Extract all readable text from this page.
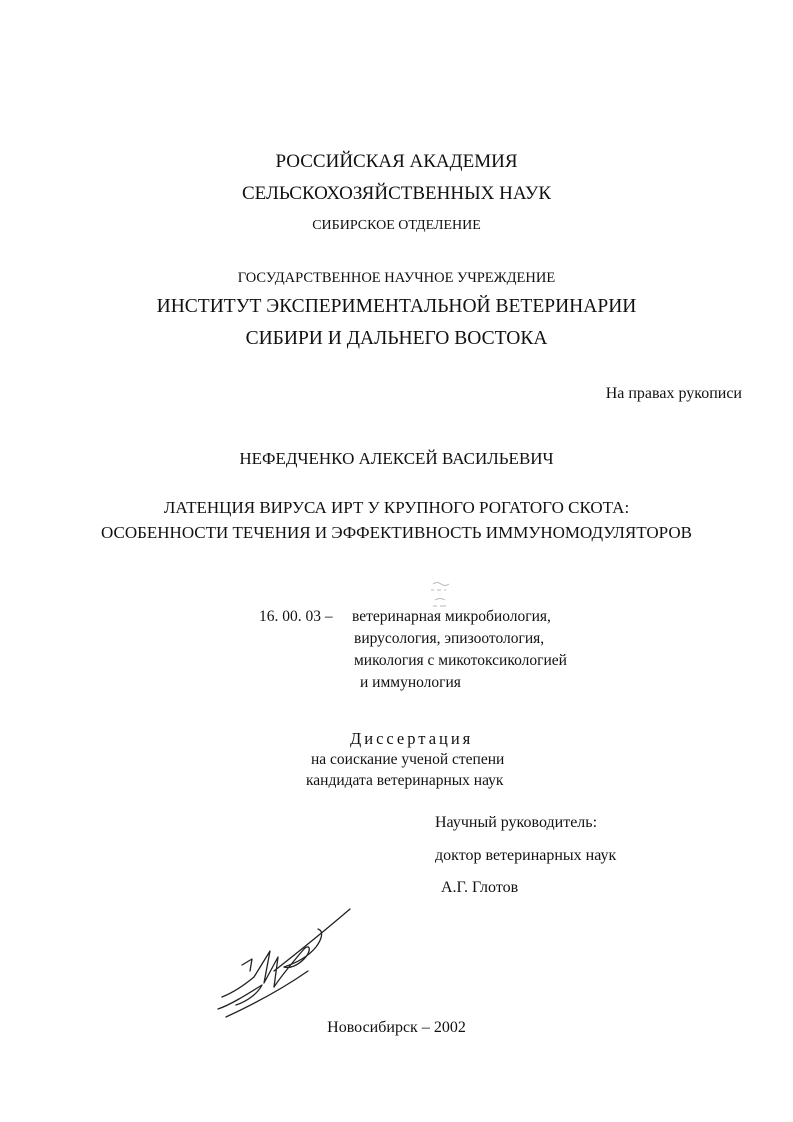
РОССИЙСКАЯ АКАДЕМИЯ
СЕЛЬСКОХОЗЯЙСТВЕННЫХ НАУК
СИБИРСКОЕ ОТДЕЛЕНИЕ
ГОСУДАРСТВЕННОЕ НАУЧНОЕ УЧРЕЖДЕНИЕ
ИНСТИТУТ ЭКСПЕРИМЕНТАЛЬНОЙ ВЕТЕРИНАРИИ
СИБИРИ И ДАЛЬНЕГО ВОСТОКА
На правах рукописи
НЕФЕДЧЕНКО АЛЕКСЕЙ ВАСИЛЬЕВИЧ
ЛАТЕНЦИЯ ВИРУСА ИРТ У КРУПНОГО РОГАТОГО СКОТА:
ОСОБЕННОСТИ ТЕЧЕНИЯ И ЭФФЕКТИВНОСТЬ ИММУНОМОДУЛЯТОРОВ
16. 00. 03 – ветеринарная микробиология,
вирусология, эпизоотология,
микология с микотоксикологией
и иммунология
Диссертация
на соискание ученой степени
кандидата ветеринарных наук
Научный руководитель:
доктор ветеринарных наук
А.Г. Глотов
Новосибирск – 2002
